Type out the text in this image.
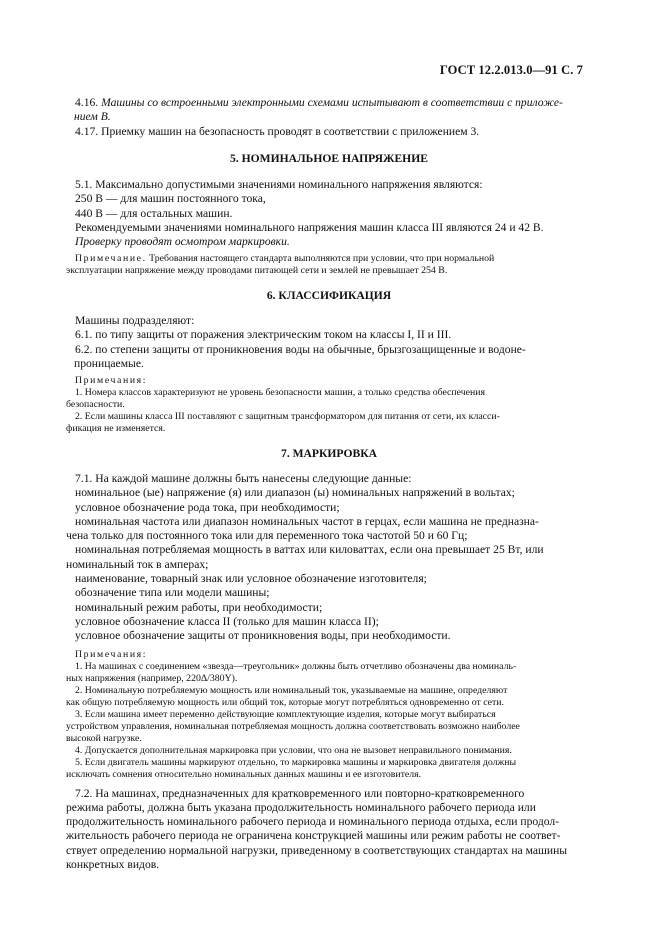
ГОСТ 12.2.013.0—91 С. 7

4.16. Машины со встроенными электронными схемами испытывают в соответствии с приложе-

нием В.

4.17. Приемку машин на безопасность проводят в соответствии с приложением 3.

5. НОМИНАЛЬНОЕ НАПРЯЖЕНИЕ

5.1. Максимально допустимыми значениями номинального напряжения являются:

250 В — для машин постоянного тока,

440 В — для остальных машин.

Рекомендуемыми значениями номинального напряжения машин класса III являются 24 и 42 В.

Проверку проводят осмотром маркировки.

Примечание. Требования настоящего стандарта выполняются при условии, что при нормальной

эксплуатации напряжение между проводами питающей сети и землей не превышает 254 В.

6. КЛАССИФИКАЦИЯ

Машины подразделяют:

6.1. по типу защиты от поражения электрическим током на классы I, II и III.

6.2. по степени защиты от проникновения воды на обычные, брызгозащищенные и водоне-

проницаемые.

Примечания:

1. Номера классов характеризуют не уровень безопасности машин, а только средства обеспечения

безопасности.

2. Если машины класса III поставляют с защитным трансформатором для питания от сети, их класси-

фикация не изменяется.

7. МАРКИРОВКА

7.1. На каждой машине должны быть нанесены следующие данные:

номинальное (ые) напряжение (я) или диапазон (ы) номинальных напряжений в вольтах;

условное обозначение рода тока, при необходимости;

номинальная частота или диапазон номинальных частот в герцах, если машина не предназна-

чена только для постоянного тока или для переменного тока частотой 50 и 60 Гц;

номинальная потребляемая мощность в ваттах или киловаттах, если она превышает 25 Вт, или

номинальный ток в амперах;

наименование, товарный знак или условное обозначение изготовителя;

обозначение типа или модели машины;

номинальный режим работы, при необходимости;

условное обозначение класса II (только для машин класса II);

условное обозначение защиты от проникновения воды, при необходимости.

Примечания:

1. На машинах с соединением «звезда—треугольник» должны быть отчетливо обозначены два номиналь-

ных напряжения (например, 220Δ/380Y).

2. Номинальную потребляемую мощность или номинальный ток, указываемые на машине, определяют

как общую потребляемую мощность или общий ток, которые могут потребляться одновременно от сети.

3. Если машина имеет переменно действующие комплектующие изделия, которые могут выбираться

устройством управления, номинальная потребляемая мощность должна соответствовать возможно наиболее

высокой нагрузке.

4. Допускается дополнительная маркировка при условии, что она не вызовет неправильного понимания.

5. Если двигатель машины маркируют отдельно, то маркировка машины и маркировка двигателя должны

исключать сомнения относительно номинальных данных машины и ее изготовителя.

7.2. На машинах, предназначенных для кратковременного или повторно-кратковременного

режима работы, должна быть указана продолжительность номинального рабочего периода или

продолжительность номинального рабочего периода и номинального периода отдыха, если продол-

жительность рабочего периода не ограничена конструкцией машины или режим работы не соответ-

ствует определению нормальной нагрузки, приведенному в соответствующих стандартах на машины

конкретных видов.
